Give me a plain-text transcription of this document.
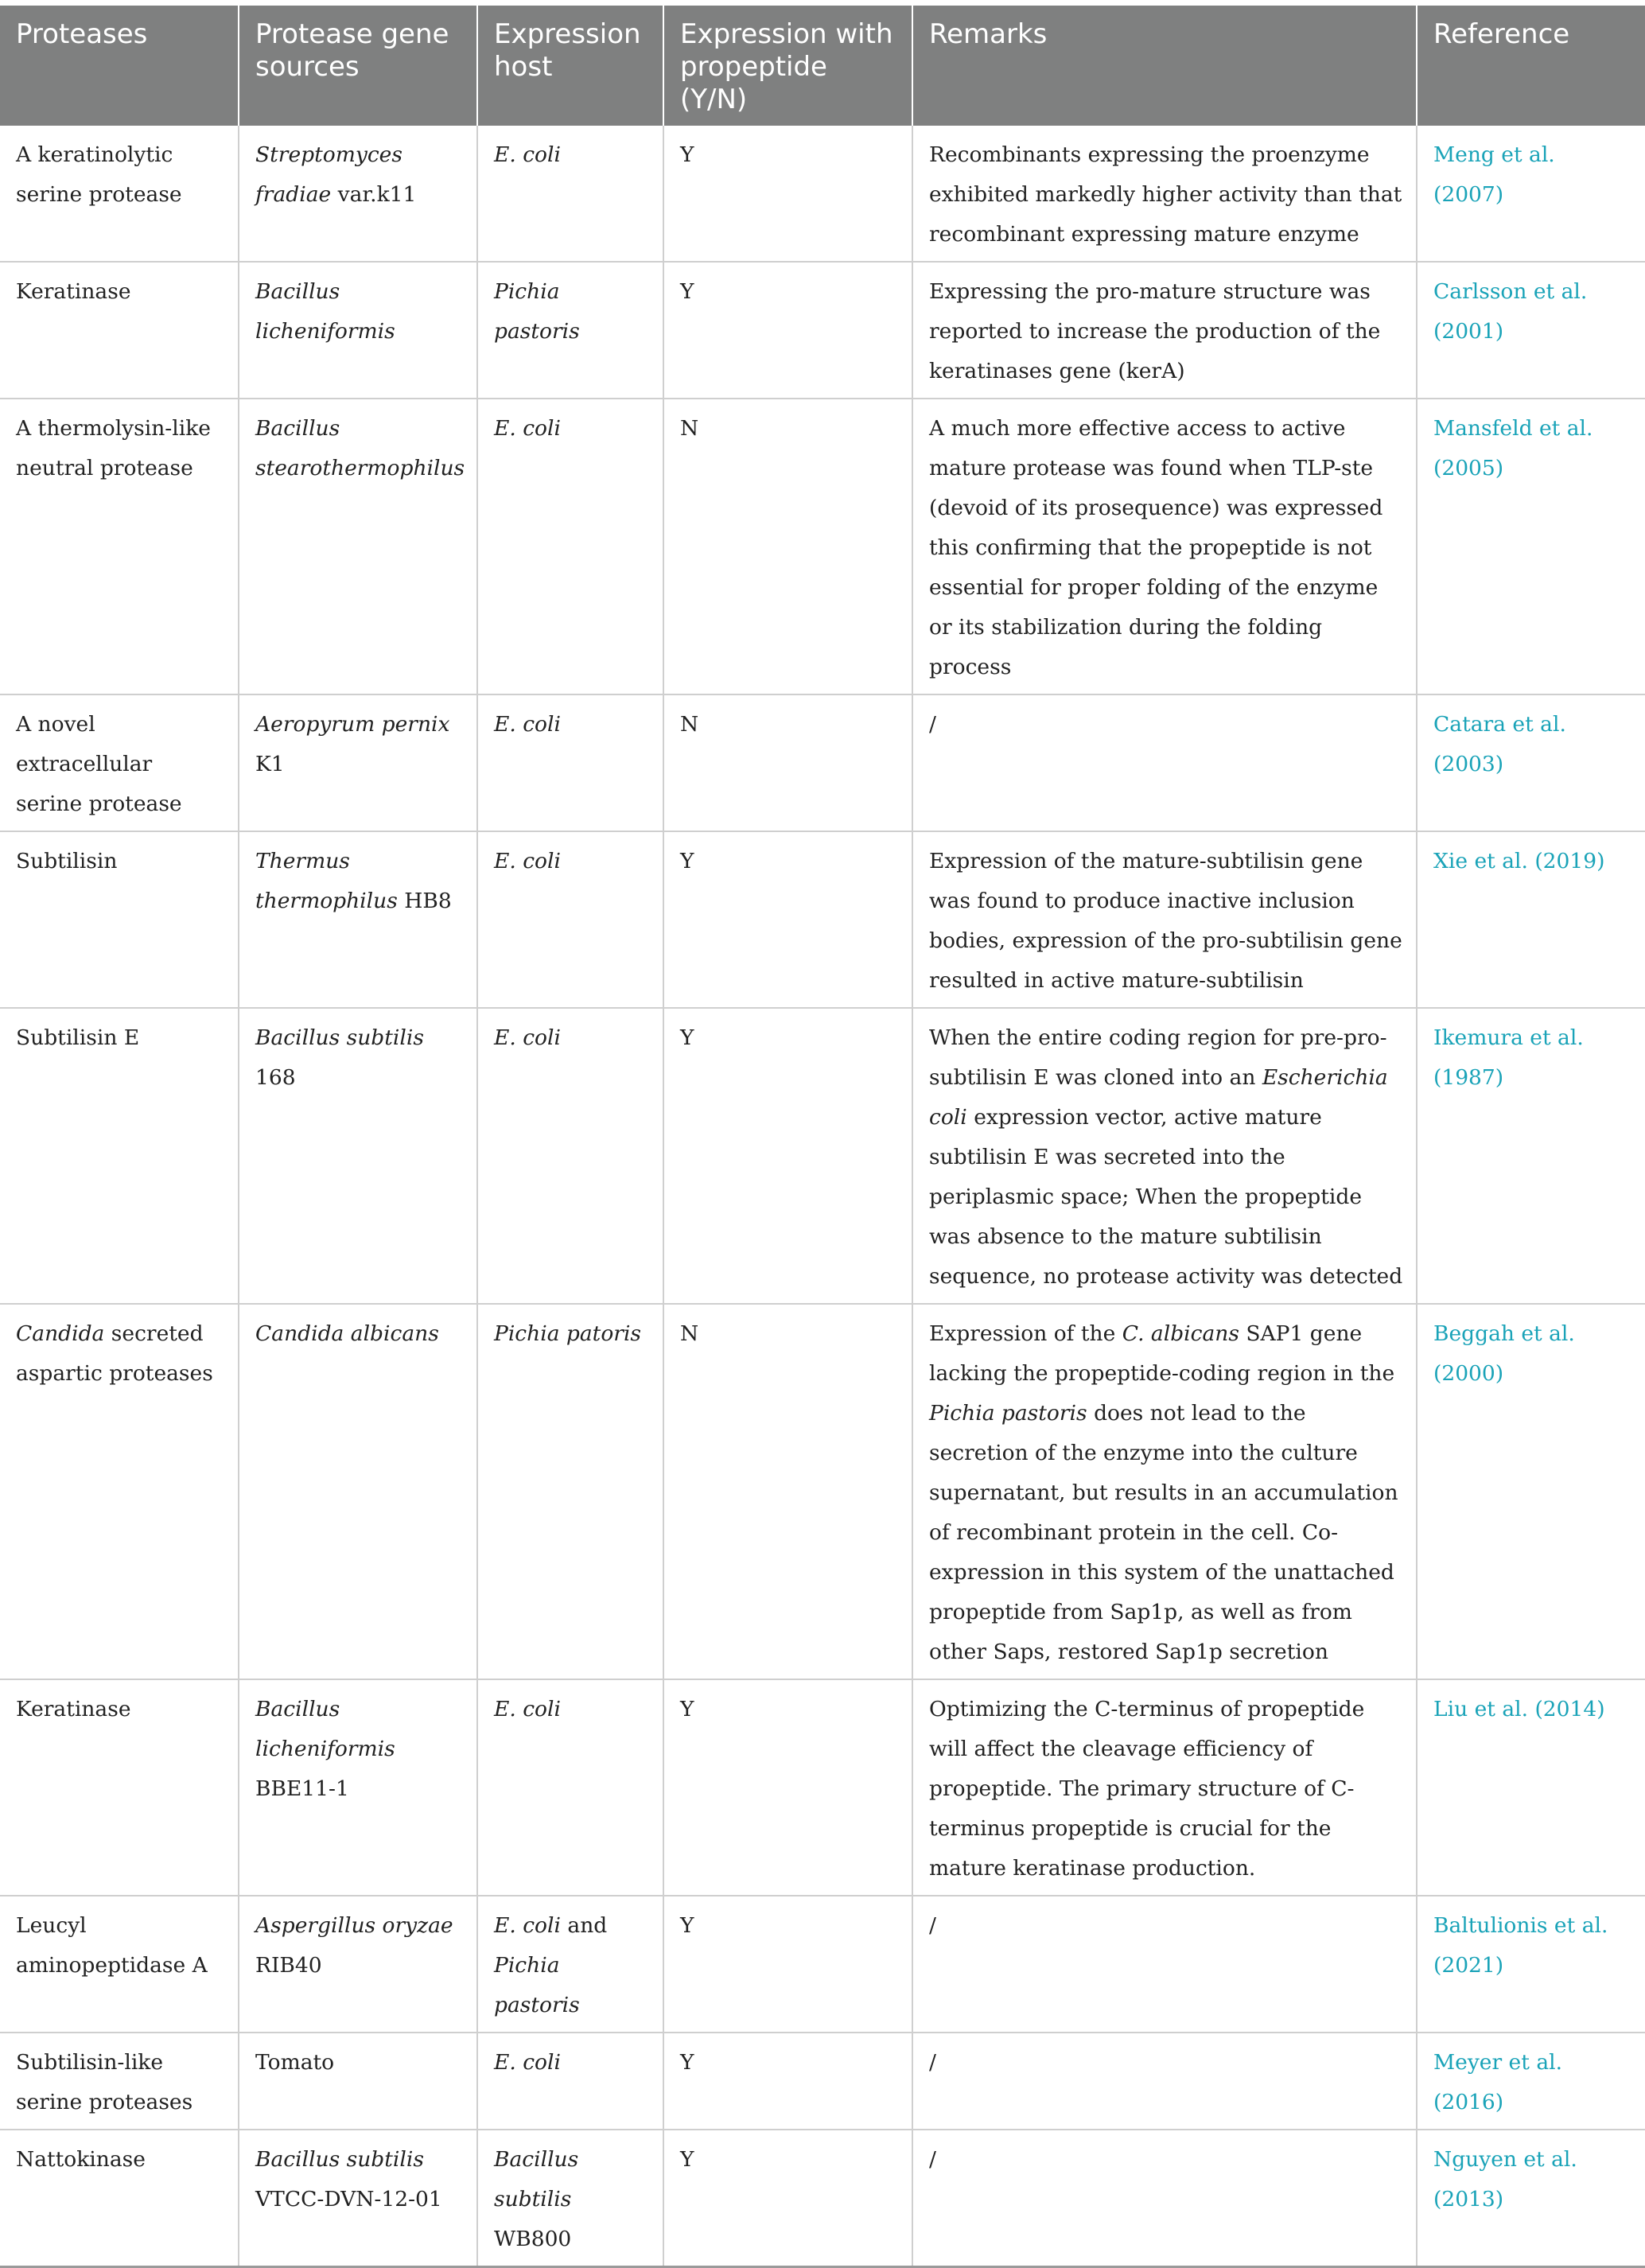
Proteases	Protease gene sources	Expression host	Expression with propeptide (Y/N)	Remarks	Reference
A keratinolytic serine protease	Streptomyces fradiae var.k11	E. coli	Y	Recombinants expressing the proenzyme exhibited markedly higher activity than that recombinant expressing mature enzyme	Meng et al. (2007)
Keratinase	Bacillus licheniformis	Pichia pastoris	Y	Expressing the pro-mature structure was reported to increase the production of the keratinases gene (kerA)	Carlsson et al. (2001)
A thermolysin-like neutral protease	Bacillus stearothermophilus	E. coli	N	A much more effective access to active mature protease was found when TLP-ste (devoid of its prosequence) was expressed this confirming that the propeptide is not essential for proper folding of the enzyme or its stabilization during the folding process	Mansfeld et al. (2005)
A novel extracellular serine protease	Aeropyrum pernix K1	E. coli	N	/	Catara et al. (2003)
Subtilisin	Thermus thermophilus HB8	E. coli	Y	Expression of the mature-subtilisin gene was found to produce inactive inclusion bodies, expression of the pro-subtilisin gene resulted in active mature-subtilisin	Xie et al. (2019)
Subtilisin E	Bacillus subtilis 168	E. coli	Y	When the entire coding region for pre-pro-subtilisin E was cloned into an Escherichia coli expression vector, active mature subtilisin E was secreted into the periplasmic space; When the propeptide was absence to the mature subtilisin sequence, no protease activity was detected	Ikemura et al. (1987)
Candida secreted aspartic proteases	Candida albicans	Pichia patoris	N	Expression of the C. albicans SAP1 gene lacking the propeptide-coding region in the Pichia pastoris does not lead to the secretion of the enzyme into the culture supernatant, but results in an accumulation of recombinant protein in the cell. Co-expression in this system of the unattached propeptide from Sap1p, as well as from other Saps, restored Sap1p secretion	Beggah et al. (2000)
Keratinase	Bacillus licheniformis BBE11-1	E. coli	Y	Optimizing the C-terminus of propeptide will affect the cleavage efficiency of propeptide. The primary structure of C-terminus propeptide is crucial for the mature keratinase production.	Liu et al. (2014)
Leucyl aminopeptidase A	Aspergillus oryzae RIB40	E. coli and Pichia pastoris	Y	/	Baltulionis et al. (2021)
Subtilisin-like serine proteases	Tomato	E. coli	Y	/	Meyer et al. (2016)
Nattokinase	Bacillus subtilis VTCC-DVN-12-01	Bacillus subtilis WB800	Y	/	Nguyen et al. (2013)
